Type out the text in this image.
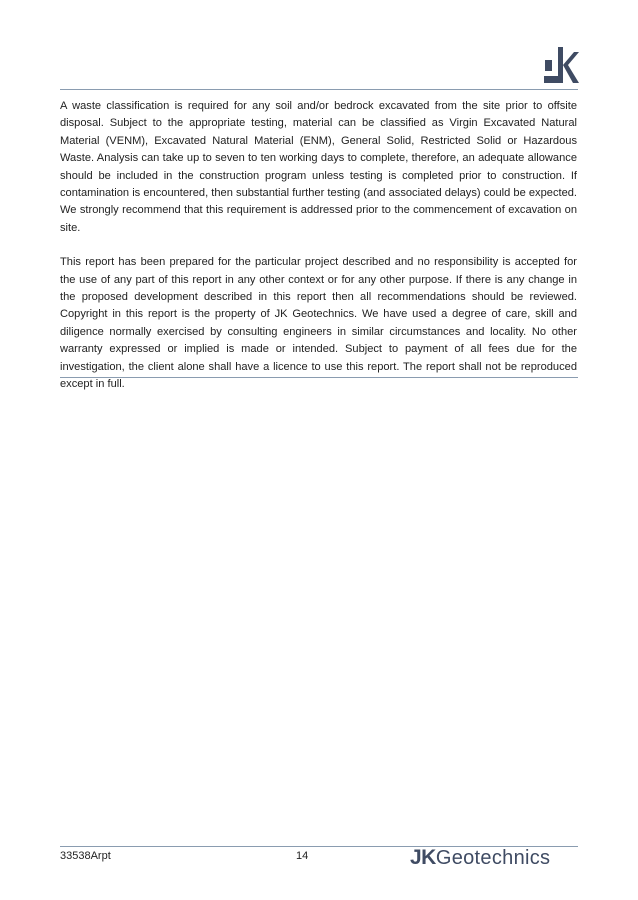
A waste classification is required for any soil and/or bedrock excavated from the site prior to offsite disposal. Subject to the appropriate testing, material can be classified as Virgin Excavated Natural Material (VENM), Excavated Natural Material (ENM), General Solid, Restricted Solid or Hazardous Waste. Analysis can take up to seven to ten working days to complete, therefore, an adequate allowance should be included in the construction program unless testing is completed prior to construction. If contamination is encountered, then substantial further testing (and associated delays) could be expected. We strongly recommend that this requirement is addressed prior to the commencement of excavation on site.

This report has been prepared for the particular project described and no responsibility is accepted for the use of any part of this report in any other context or for any other purpose. If there is any change in the proposed development described in this report then all recommendations should be reviewed. Copyright in this report is the property of JK Geotechnics. We have used a degree of care, skill and diligence normally exercised by consulting engineers in similar circumstances and locality. No other warranty expressed or implied is made or intended. Subject to payment of all fees due for the investigation, the client alone shall have a licence to use this report. The report shall not be reproduced except in full.

33538Arpt	14	JKGeotechnics
